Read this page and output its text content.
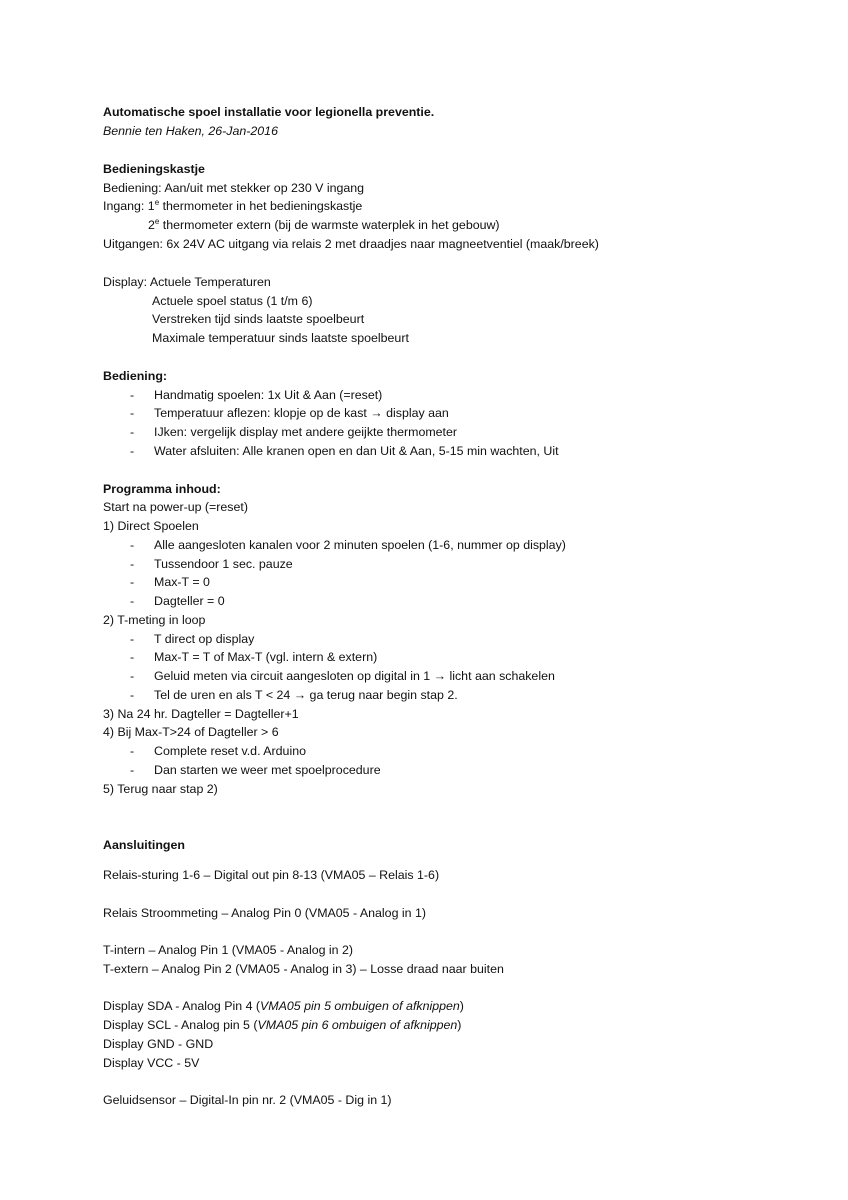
Automatische spoel installatie voor legionella preventie.
Bennie ten Haken, 26-Jan-2016
Bedieningskastje
Bediening: Aan/uit met stekker op 230 V ingang
Ingang: 1e thermometer in het bedieningskastje
2e thermometer extern (bij de warmste waterplek in het gebouw)
Uitgangen: 6x 24V AC uitgang via relais 2 met draadjes naar magneetventiel (maak/breek)
Display: Actuele Temperaturen
Actuele spoel status (1 t/m 6)
Verstreken tijd sinds laatste spoelbeurt
Maximale temperatuur sinds laatste spoelbeurt
Bediening:
- Handmatig spoelen: 1x Uit & Aan (=reset)
- Temperatuur aflezen: klopje op de kast → display aan
- IJken: vergelijk display met andere geijkte thermometer
- Water afsluiten: Alle kranen open en dan Uit & Aan, 5-15 min wachten, Uit
Programma inhoud:
Start na power-up (=reset)
1) Direct Spoelen
- Alle aangesloten kanalen voor 2 minuten spoelen (1-6, nummer op display)
- Tussendoor 1 sec. pauze
- Max-T = 0
- Dagteller = 0
2) T-meting in loop
- T direct op display
- Max-T = T of Max-T (vgl. intern & extern)
- Geluid meten via circuit aangesloten op digital in 1 → licht aan schakelen
- Tel de uren en als T < 24 → ga terug naar begin stap 2.
3) Na 24 hr. Dagteller = Dagteller+1
4) Bij Max-T>24 of Dagteller > 6
- Complete reset v.d. Arduino
- Dan starten we weer met spoelprocedure
5) Terug naar stap 2)
Aansluitingen
Relais-sturing 1-6 – Digital out pin 8-13 (VMA05 – Relais 1-6)
Relais Stroommeting – Analog Pin 0 (VMA05 - Analog in 1)
T-intern – Analog Pin 1 (VMA05 - Analog in 2)
T-extern – Analog Pin 2 (VMA05 - Analog in 3) – Losse draad naar buiten
Display SDA - Analog Pin 4 (VMA05 pin 5 ombuigen of afknippen)
Display SCL - Analog pin 5 (VMA05 pin 6 ombuigen of afknippen)
Display GND - GND
Display VCC - 5V
Geluidsensor – Digital-In pin nr. 2 (VMA05 - Dig in 1)
